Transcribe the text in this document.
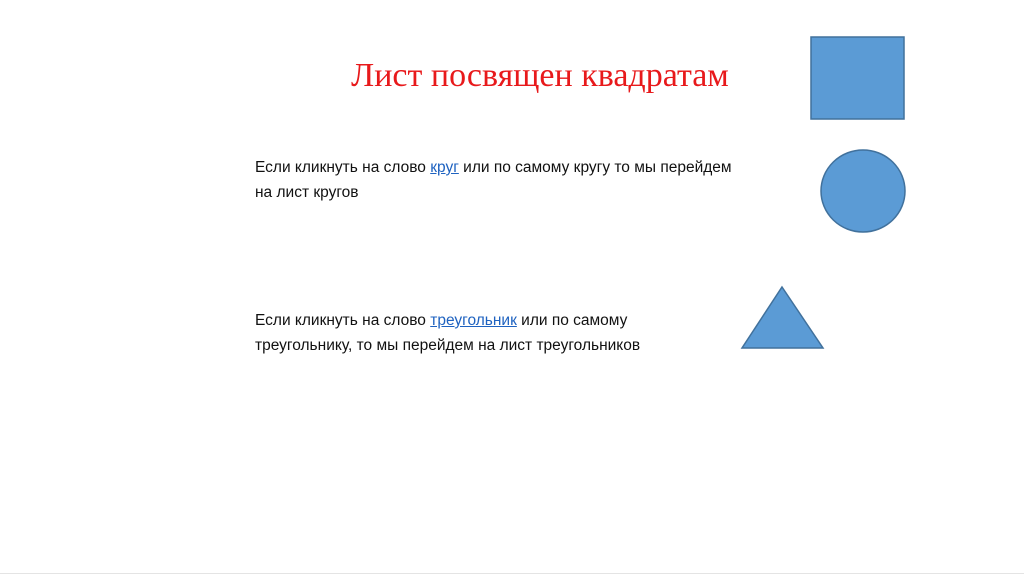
Лист посвящен квадратам

Если кликнуть на слово круг или по самому кругу то мы перейдем

на лист кругов

Если кликнуть на слово треугольник или по самому

треугольнику, то мы перейдем на лист треугольников
